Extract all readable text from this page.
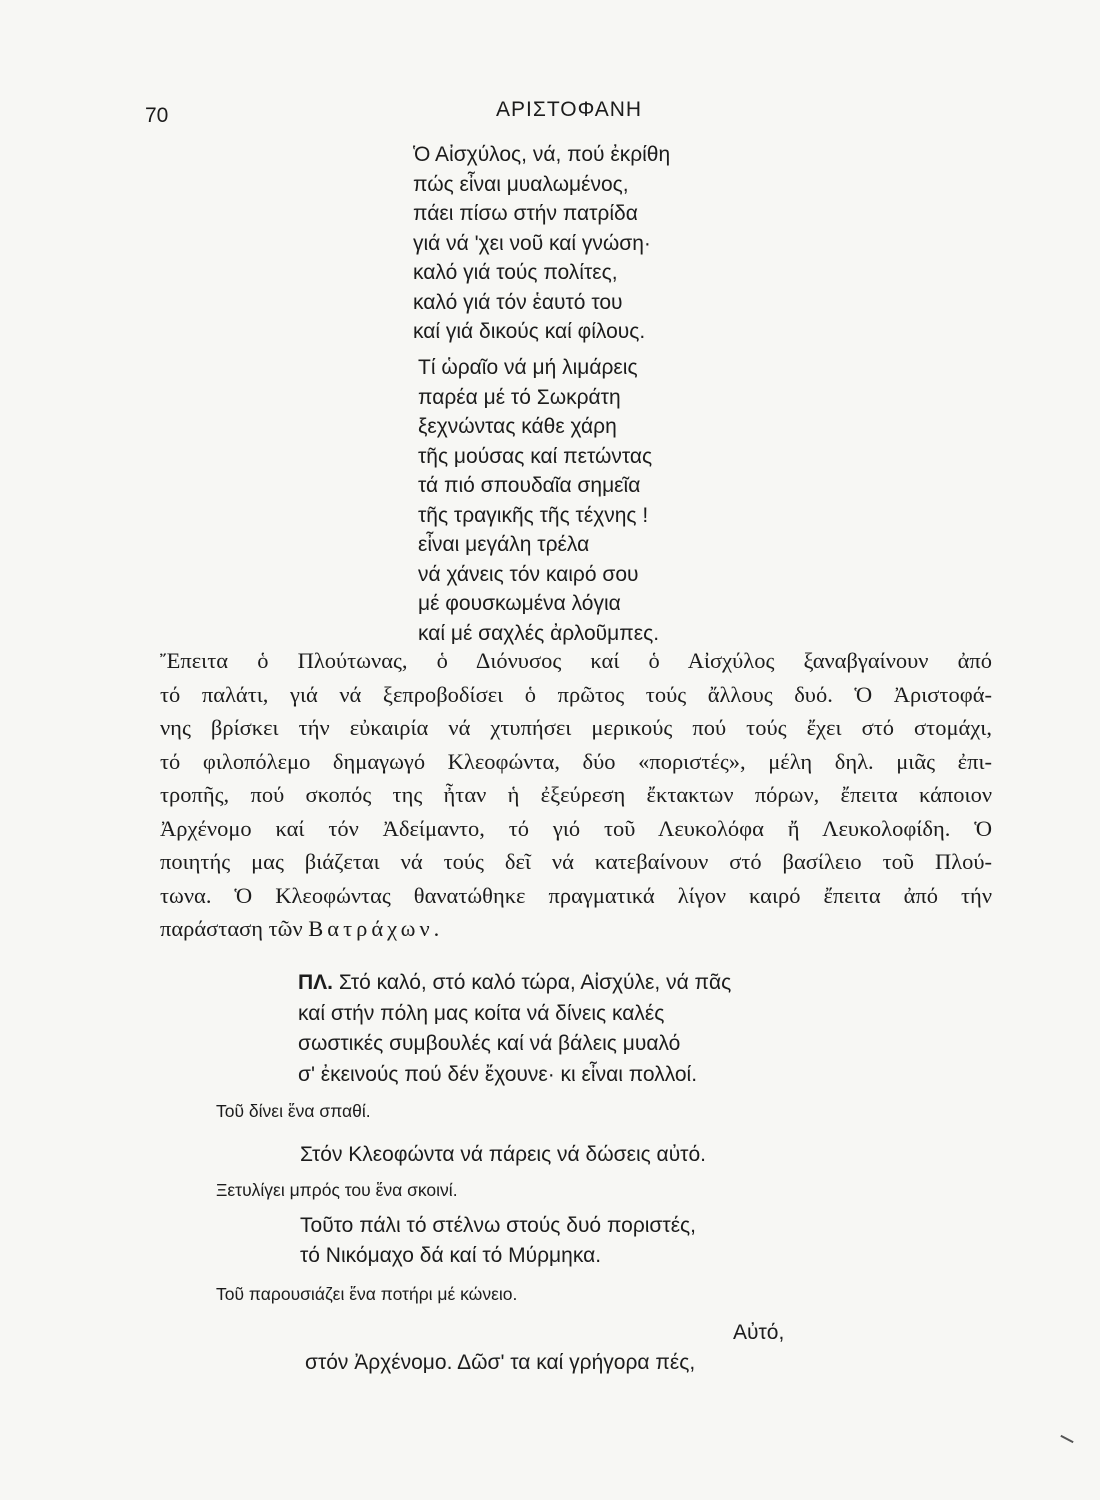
70	ΑΡΙΣΤΟΦΑΝΗ
Ὁ Αἰσχύλος, νά, πού ἐκρίθη
πώς εἶναι μυαλωμένος,
πάει πίσω στήν πατρίδα
γιά νά 'χει νοῦ καί γνώση·
καλό γιά τούς πολίτες,
καλό γιά τόν ἑαυτό του
καί γιά δικούς καί φίλους.
Τί ὡραῖο νά μή λιμάρεις
παρέα μέ τό Σωκράτη
ξεχνώντας κάθε χάρη
τῆς μούσας καί πετώντας
τά πιό σπουδαῖα σημεῖα
τῆς τραγικῆς τῆς τέχνης !
εἶναι μεγάλη τρέλα
νά χάνεις τόν καιρό σου
μέ φουσκωμένα λόγια
καί μέ σαχλές ἀρλοῦμπες.
Ἔπειτα ὁ Πλούτωνας, ὁ Διόνυσος καί ὁ Αἰσχύλος ξαναβγαίνουν ἀπό
τό παλάτι, γιά νά ξεπροβοδίσει ὁ πρῶτος τούς ἄλλους δυό. Ὁ Ἀριστοφά-
νης βρίσκει τήν εὐκαιρία νά χτυπήσει μερικούς πού τούς ἔχει στό στομάχι,
τό φιλοπόλεμο δημαγωγό Κλεοφώντα, δύο «ποριστές», μέλη δηλ. μιᾶς ἐπι-
τροπῆς, πού σκοπός της ἦταν ἡ ἐξεύρεση ἔκτακτων πόρων, ἔπειτα κάποιον
Ἀρχένομο καί τόν Ἀδείμαντο, τό γιό τοῦ Λευκολόφα ἤ Λευκολοφίδη. Ὁ
ποιητής μας βιάζεται νά τούς δεῖ νά κατεβαίνουν στό βασίλειο τοῦ Πλού-
τωνα. Ὁ Κλεοφώντας θανατώθηκε πραγματικά λίγον καιρό ἔπειτα ἀπό τήν
παράσταση τῶν Βατράχων.
ΠΛ. Στό καλό, στό καλό τώρα, Αἰσχύλε, νά πᾶς
καί στήν πόλη μας κοίτα νά δίνεις καλές
σωστικές συμβουλές καί νά βάλεις μυαλό
σ' ἐκεινούς πού δέν ἔχουνε· κι εἶναι πολλοί.
Τοῦ δίνει ἕνα σπαθί.
Στόν Κλεοφώντα νά πάρεις νά δώσεις αὐτό.
Ξετυλίγει μπρός του ἕνα σκοινί.
Τοῦτο πάλι τό στέλνω στούς δυό ποριστές,
τό Νικόμαχο δά καί τό Μύρμηκα.
Τοῦ παρουσιάζει ἕνα ποτήρι μέ κώνειο.
Αὐτό,
στόν Ἀρχένομο. Δῶσ' τα καί γρήγορα πές,
